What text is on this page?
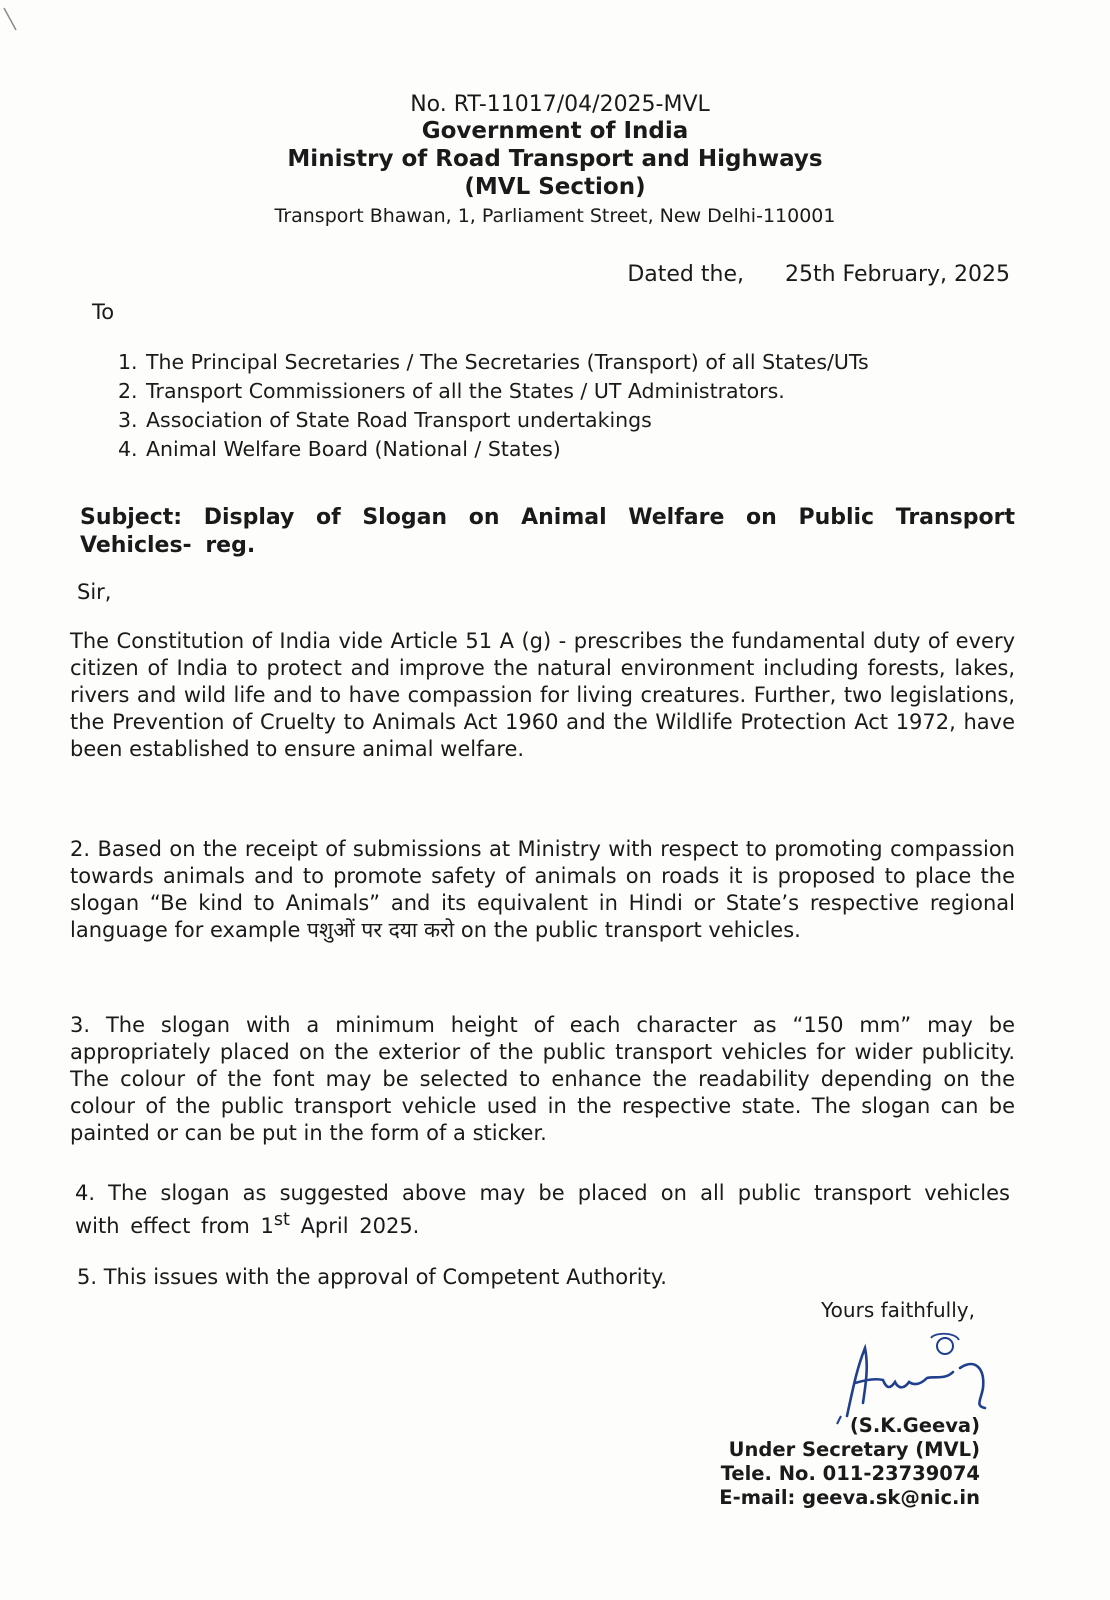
No. RT-11017/04/2025-MVL
Government of India
Ministry of Road Transport and Highways
(MVL Section)
Transport Bhawan, 1, Parliament Street, New Delhi-110001
Dated the, 25th February, 2025
To
1. The Principal Secretaries / The Secretaries (Transport) of all States/UTs
2. Transport Commissioners of all the States / UT Administrators.
3. Association of State Road Transport undertakings
4. Animal Welfare Board (National / States)
Subject: Display of Slogan on Animal Welfare on Public Transport Vehicles- reg.
Sir,
The Constitution of India vide Article 51 A (g) - prescribes the fundamental duty of every citizen of India to protect and improve the natural environment including forests, lakes, rivers and wild life and to have compassion for living creatures. Further, two legislations, the Prevention of Cruelty to Animals Act 1960 and the Wildlife Protection Act 1972, have been established to ensure animal welfare.
2. Based on the receipt of submissions at Ministry with respect to promoting compassion towards animals and to promote safety of animals on roads it is proposed to place the slogan “Be kind to Animals” and its equivalent in Hindi or State’s respective regional language for example पशुओं पर दया करो on the public transport vehicles.
3. The slogan with a minimum height of each character as “150 mm” may be appropriately placed on the exterior of the public transport vehicles for wider publicity. The colour of the font may be selected to enhance the readability depending on the colour of the public transport vehicle used in the respective state. The slogan can be painted or can be put in the form of a sticker.
4. The slogan as suggested above may be placed on all public transport vehicles with effect from 1st April 2025.
5. This issues with the approval of Competent Authority.
Yours faithfully,
(S.K.Geeva)
Under Secretary (MVL)
Tele. No. 011-23739074
E-mail: geeva.sk@nic.in
